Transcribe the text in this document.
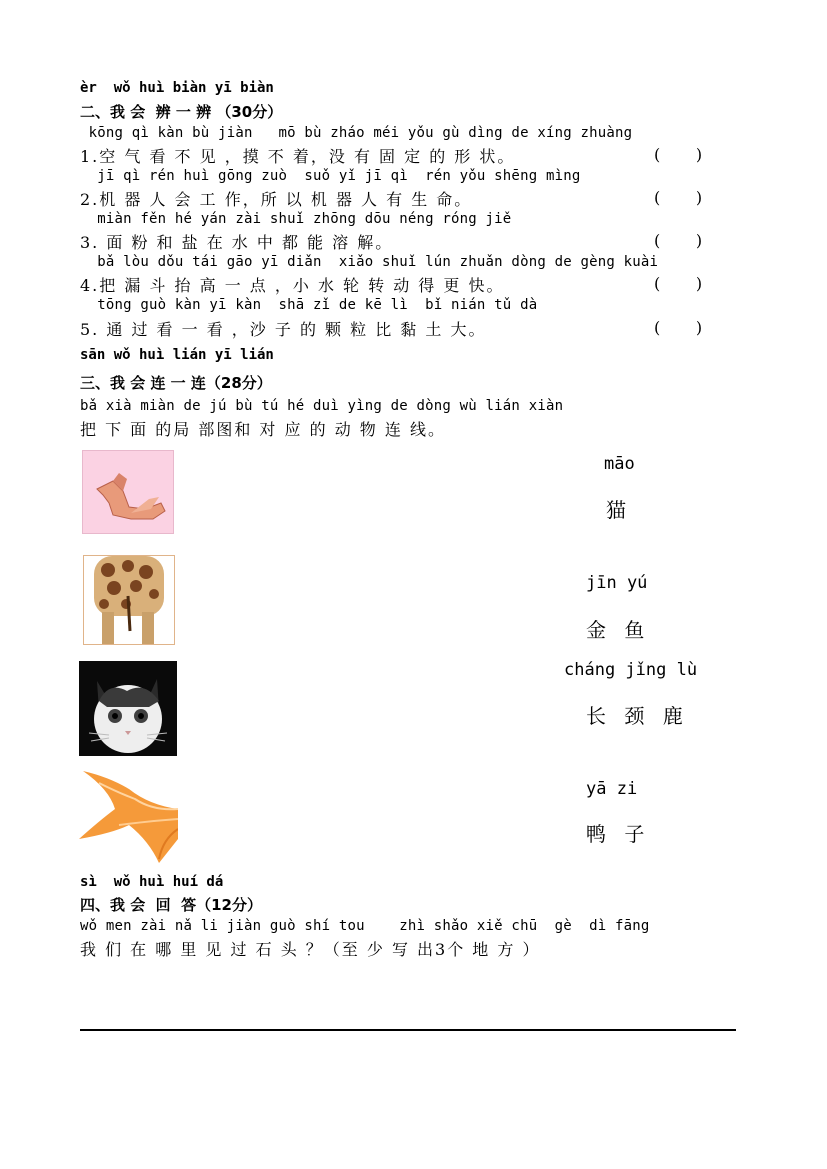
èr  wǒ huì biàn yī biàn
二、我 会  辨 一 辨 （30分）
kōng qì kàn bù jiàn   mō bù zháo méi yǒu gù dìng de xíng zhuàng
1.空 气 看 不 见 ，摸 不 着，没 有 固 定 的 形 状。	(       )
jī qì rén huì gōng zuò  suǒ yǐ jī qì  rén yǒu shēng mìng
2.机 器 人 会 工 作，所 以 机 器 人 有 生 命。	(       )
miàn fěn hé yán zài shuǐ zhōng dōu néng róng jiě
3. 面 粉 和 盐 在 水 中 都 能 溶 解。	(       )
bǎ lòu dǒu tái gāo yī diǎn  xiǎo shuǐ lún zhuǎn dòng de gèng kuài
4.把 漏 斗 抬 高 一 点 ，小 水 轮 转 动 得 更 快。	(       )
tōng guò kàn yī kàn  shā zǐ de kē lì  bǐ nián tǔ dà
5. 通 过 看 一 看 ，沙 子 的 颗 粒 比 黏 土 大。	(       )
sān wǒ huì lián yī lián
三、我 会 连 一 连（28分）
bǎ xià miàn de jú bù tú hé duì yìng de dòng wù lián xiàn
把 下 面 的局 部图和 对 应 的 动 物 连 线。
māo
猫
jīn yú
金 鱼
cháng jǐng lù
长 颈 鹿
yā zi
鸭 子
sì  wǒ huì huí dá
四、我 会  回  答（12分）
wǒ men zài nǎ li jiàn guò shí tou    zhì shǎo xiě chū  gè  dì fāng
我 们 在 哪 里 见 过 石 头 ？（至 少 写 出3个 地 方 ）
